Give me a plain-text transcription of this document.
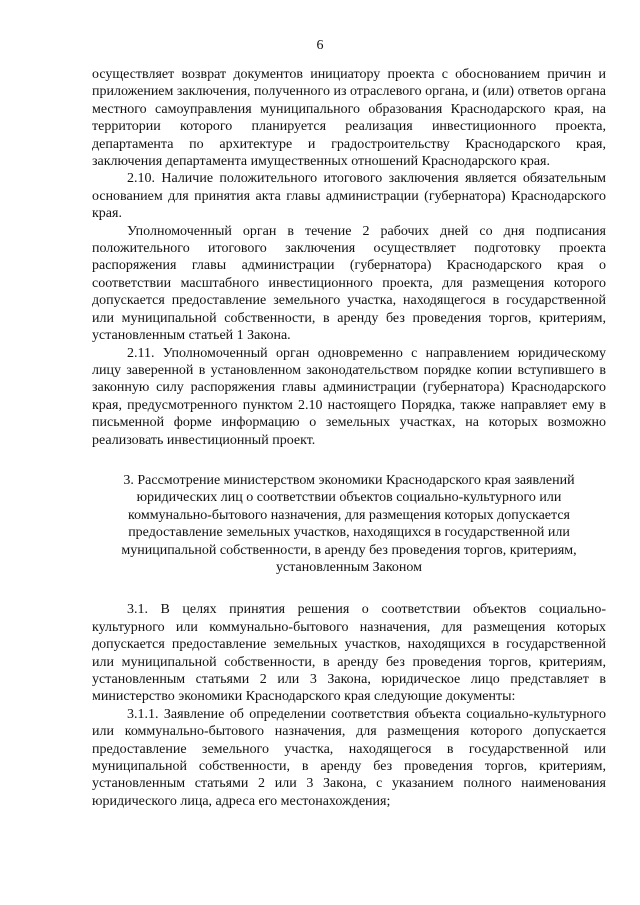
6

осуществляет возврат документов инициатору проекта с обоснованием причин и приложением заключения, полученного из отраслевого органа, и (или) ответов органа местного самоуправления муниципального образования Краснодарского края, на территории которого планируется реализация инвестиционного проекта, департамента по архитектуре и градостроительству Краснодарского края, заключения департамента имущественных отношений Краснодарского края.

2.10. Наличие положительного итогового заключения является обязательным основанием для принятия акта главы администрации (губернатора) Краснодарского края.

Уполномоченный орган в течение 2 рабочих дней со дня подписания положительного итогового заключения осуществляет подготовку проекта распоряжения главы администрации (губернатора) Краснодарского края о соответствии масштабного инвестиционного проекта, для размещения которого допускается предоставление земельного участка, находящегося в государственной или муниципальной собственности, в аренду без проведения торгов, критериям, установленным статьей 1 Закона.

2.11. Уполномоченный орган одновременно с направлением юридическому лицу заверенной в установленном законодательством порядке копии вступившего в законную силу распоряжения главы администрации (губернатора) Краснодарского края, предусмотренного пунктом 2.10 настоящего Порядка, также направляет ему в письменной форме информацию о земельных участках, на которых возможно реализовать инвестиционный проект.

3. Рассмотрение министерством экономики Краснодарского края заявлений
юридических лиц о соответствии объектов социально-культурного или
коммунально-бытового назначения, для размещения которых допускается
предоставление земельных участков, находящихся в государственной или
муниципальной собственности, в аренду без проведения торгов, критериям,
установленным Законом

3.1. В целях принятия решения о соответствии объектов социально-культурного или коммунально-бытового назначения, для размещения которых допускается предоставление земельных участков, находящихся в государственной или муниципальной собственности, в аренду без проведения торгов, критериям, установленным статьями 2 или 3 Закона, юридическое лицо представляет в министерство экономики Краснодарского края следующие документы:

3.1.1. Заявление об определении соответствия объекта социально-культурного или коммунально-бытового назначения, для размещения которого допускается предоставление земельного участка, находящегося в государственной или муниципальной собственности, в аренду без проведения торгов, критериям, установленным статьями 2 или 3 Закона, с указанием полного наименования юридического лица, адреса его местонахождения;
